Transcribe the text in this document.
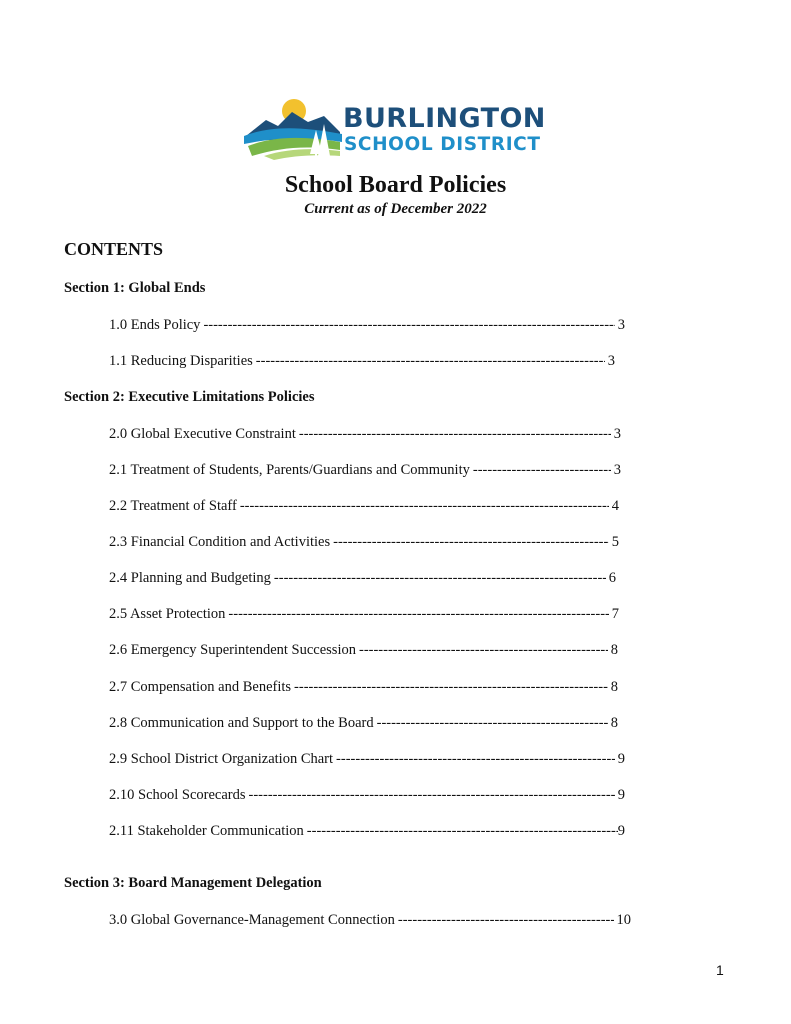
BURLINGTON
SCHOOL DISTRICT
School Board Policies
Current as of December 2022
CONTENTS
Section 1: Global Ends
1.0 Ends Policy -----	3
1.1 Reducing Disparities -----	3
Section 2: Executive Limitations Policies
2.0 Global Executive Constraint -----	3
2.1 Treatment of Students, Parents/Guardians and Community -----	3
2.2 Treatment of Staff -----	4
2.3 Financial Condition and Activities -----	5
2.4 Planning and Budgeting -----	6
2.5 Asset Protection -----	7
2.6 Emergency Superintendent Succession -----	8
2.7 Compensation and Benefits -----	8
2.8 Communication and Support to the Board -----	8
2.9 School District Organization Chart -----	9
2.10 School Scorecards -----	9
2.11 Stakeholder Communication -----	9
Section 3: Board Management Delegation
3.0 Global Governance-Management Connection -----	10
1
